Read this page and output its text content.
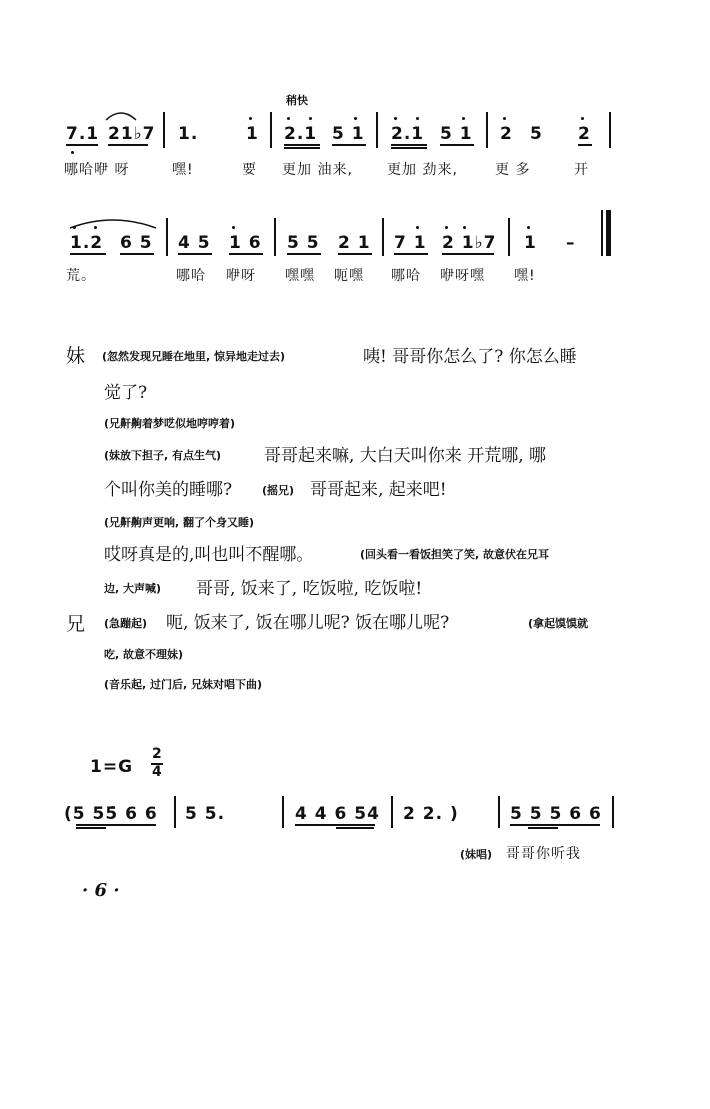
稍快
7.1 21♭7 1.	1 2.1 5 1 2.1 5 1 2 5 2
哪哈咿 呀	嘿!	要 更加 油来, 更加 劲来,	更 多	开
1.2 6 5 4 5 1 6 5 5 2 1 7 1 2 1♭7 1 –
荒。	哪哈 咿呀 嘿嘿 呃嘿 哪哈 咿呀嘿 嘿!
妹 (忽然发现兄睡在地里, 惊异地走过去)	咦! 哥哥你怎么了? 你怎么睡
觉了?
(兄鼾齁着梦呓似地哼哼着)
(妹放下担子, 有点生气)	哥哥起来嘛, 大白天叫你来 开荒哪, 哪
个叫你美的睡哪?	(摇兄) 哥哥起来, 起来吧!
(兄鼾齁声更响, 翻了个身又睡)
哎呀真是的,叫也叫不醒哪。	(回头看一看饭担笑了笑, 故意伏在兄耳
边, 大声喊) 哥哥, 饭来了, 吃饭啦, 吃饭啦!
兄 (急蹦起) 呃, 饭来了, 饭在哪儿呢? 饭在哪儿呢?	(拿起馍馍就
吃, 故意不理妹)
(音乐起, 过门后, 兄妹对唱下曲)
1=G
2
4
(5 55̇ 6 6 5 5.	4 4 6 54 2 2. )	5 5 5 6 6
(妹唱) 哥哥你听我
· 6 ·
